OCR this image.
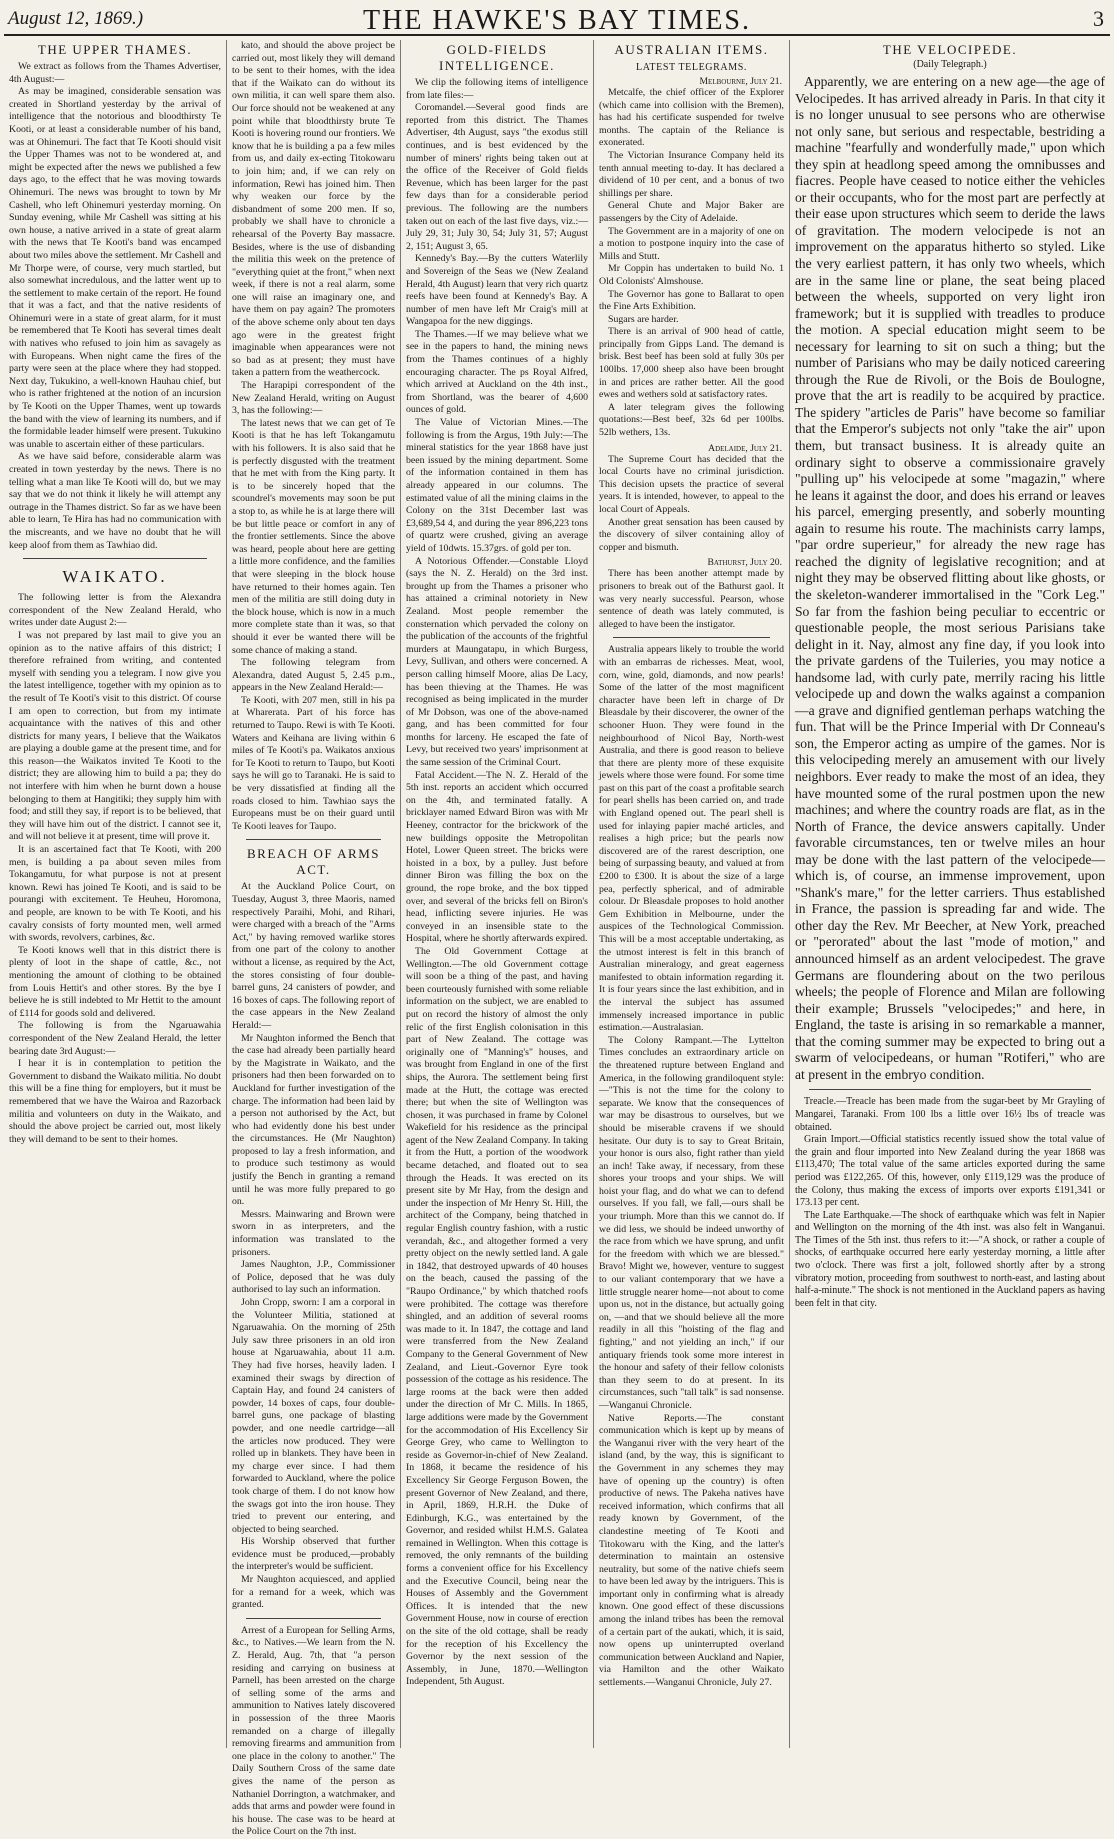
August 12, 1869.)	THE HAWKE'S BAY TIMES.	3
THE UPPER THAMES.

We extract as follows from the Thames Advertiser, 4th August:—

As may be imagined, considerable sensation was created in Shortland yesterday by the arrival of intelligence that the notorious and bloodthirsty Te Kooti, or at least a considerable number of his band, was at Ohinemuri. The fact that Te Kooti should visit the Upper Thames was not to be wondered at, and might be expected after the news we published a few days ago, to the effect that he was moving towards Ohinemuri. The news was brought to town by Mr Cashell, who left Ohinemuri yesterday morning. On Sunday evening, while Mr Cashell was sitting at his own house, a native arrived in a state of great alarm with the news that Te Kooti's band was encamped about two miles above the settlement. Mr Cashell and Mr Thorpe were, of course, very much startled, but also somewhat incredulous, and the latter went up to the settlement to make certain of the report. He found that it was a fact, and that the native residents of Ohinemuri were in a state of great alarm, for it must be remembered that Te Kooti has several times dealt with natives who refused to join him as savagely as with Europeans. When night came the fires of the party were seen at the place where they had stopped. Next day, Tukukino, a well-known Hauhau chief, but who is rather frightened at the notion of an incursion by Te Kooti on the Upper Thames, went up towards the band with the view of learning its numbers, and if the formidable leader himself were present. Tukukino was unable to ascertain either of these particulars.

As we have said before, considerable alarm was created in town yesterday by the news. There is no telling what a man like Te Kooti will do, but we may say that we do not think it likely he will attempt any outrage in the Thames district. So far as we have been able to learn, Te Hira has had no communication with the miscreants, and we have no doubt that he will keep aloof from them as Tawhiao did.

WAIKATO.

The following letter is from the Alexandra correspondent of the New Zealand Herald, who writes under date August 2:—

I was not prepared by last mail to give you an opinion as to the native affairs of this district; I therefore refrained from writing, and contented myself with sending you a telegram. I now give you the latest intelligence, together with my opinion as to the result of Te Kooti's visit to this district. Of course I am open to correction, but from my intimate acquaintance with the natives of this and other districts for many years, I believe that the Waikatos are playing a double game at the present time, and for this reason—the Waikatos invited Te Kooti to the district; they are allowing him to build a pa; they do not interfere with him when he burnt down a house belonging to them at Hangitiki; they supply him with food; and still they say, if report is to be believed, that they will have him out of the district. I cannot see it, and will not believe it at present, time will prove it.

It is an ascertained fact that Te Kooti, with 200 men, is building a pa about seven miles from Tokangamutu, for what purpose is not at present known. Rewi has joined Te Kooti, and is said to be pourangi with excitement. Te Heuheu, Horomona, and people, are known to be with Te Kooti, and his cavalry consists of forty mounted men, well armed with swords, revolvers, carbines, &c.

Te Kooti knows well that in this district there is plenty of loot in the shape of cattle, &c., not mentioning the amount of clothing to be obtained from Louis Hettit's and other stores. By the bye I believe he is still indebted to Mr Hettit to the amount of £114 for goods sold and delivered.

The following is from the Ngaruawahia correspondent of the New Zealand Herald, the letter bearing date 3rd August:—

I hear it is in contemplation to petition the Government to disband the Waikato militia. No doubt this will be a fine thing for employers, but it must be remembered that we have the Wairoa and Razorback militia and volunteers on duty in the Waikato, and should the above project be carried out, most likely they will demand to be sent to their homes.

kato, and should the above project be carried out, most likely they will demand to be sent to their homes, with the idea that if the Waikato can do without its own militia, it can well spare them also. Our force should not be weakened at any point while that bloodthirsty brute Te Kooti is hovering round our frontiers. We know that he is building a pa a few miles from us, and daily ex-ecting Titokowaru to join him; and, if we can rely on information, Rewi has joined him. Then why weaken our force by the disbandment of some 200 men. If so, probably we shall have to chronicle a rehearsal of the Poverty Bay massacre. Besides, where is the use of disbanding the militia this week on the pretence of "everything quiet at the front," when next week, if there is not a real alarm, some one will raise an imaginary one, and have them on pay again? The promoters of the above scheme only about ten days ago were in the greatest fright imaginable when appearances were not so bad as at present; they must have taken a pattern from the weathercock.

The Harapipi correspondent of the New Zealand Herald, writing on August 3, has the following:—

The latest news that we can get of Te Kooti is that he has left Tokangamutu with his followers. It is also said that he is perfectly disgusted with the treatment that he met with from the King party. It is to be sincerely hoped that the scoundrel's movements may soon be put a stop to, as while he is at large there will be but little peace or comfort in any of the frontier settlements. Since the above was heard, people about here are getting a little more confidence, and the families that were sleeping in the block house have returned to their homes again. Ten men of the militia are still doing duty in the block house, which is now in a much more complete state than it was, so that should it ever be wanted there will be some chance of making a stand.

The following telegram from Alexandra, dated August 5, 2.45 p.m., appears in the New Zealand Herald:—

Te Kooti, with 207 men, still in his pa at Wharerata. Part of his force has returned to Taupo. Rewi is with Te Kooti. Waters and Keihana are living within 6 miles of Te Kooti's pa. Waikatos anxious for Te Kooti to return to Taupo, but Kooti says he will go to Taranaki. He is said to be very dissatisfied at finding all the roads closed to him. Tawhiao says the Europeans must be on their guard until Te Kooti leaves for Taupo.

BREACH OF ARMS ACT.

At the Auckland Police Court, on Tuesday, August 3, three Maoris, named respectively Paraihi, Mohi, and Rihari, were charged with a breach of the "Arms Act," by having removed warlike stores from one part of the colony to another without a license, as required by the Act, the stores consisting of four double-barrel guns, 24 canisters of powder, and 16 boxes of caps. The following report of the case appears in the New Zealand Herald:—

Mr Naughton informed the Bench that the case had already been partially heard by the Magistrate in Waikato, and the prisoners had then been forwarded on to Auckland for further investigation of the charge. The information had been laid by a person not authorised by the Act, but who had evidently done his best under the circumstances. He (Mr Naughton) proposed to lay a fresh information, and to produce such testimony as would justify the Bench in granting a remand until he was more fully prepared to go on.

Messrs. Mainwaring and Brown were sworn in as interpreters, and the information was translated to the prisoners.

James Naughton, J.P., Commissioner of Police, deposed that he was duly authorised to lay such an information.

John Cropp, sworn: I am a corporal in the Volunteer Militia, stationed at Ngaruawahia. On the morning of 25th July saw three prisoners in an old iron house at Ngaruawahia, about 11 a.m. They had five horses, heavily laden. I examined their swags by direction of Captain Hay, and found 24 canisters of powder, 14 boxes of caps, four double-barrel guns, one package of blasting powder, and one needle cartridge—all the articles now produced. They were rolled up in blankets. They have been in my charge ever since. I had them forwarded to Auckland, where the police took charge of them. I do not know how the swags got into the iron house. They tried to prevent our entering, and objected to being searched.

His Worship observed that further evidence must be produced,—probably the interpreter's would be sufficient.

Mr Naughton acquiesced, and applied for a remand for a week, which was granted.

Arrest of a European for Selling Arms, &c., to Natives.—We learn from the N. Z. Herald, Aug. 7th, that "a person residing and carrying on business at Parnell, has been arrested on the charge of selling some of the arms and ammunition to Natives lately discovered in possession of the three Maoris remanded on a charge of illegally removing firearms and ammunition from one place in the colony to another." The Daily Southern Cross of the same date gives the name of the person as Nathaniel Dorrington, a watchmaker, and adds that arms and powder were found in his house. The case was to be heard at the Police Court on the 7th inst.

GOLD-FIELDS INTELLIGENCE.

We clip the following items of intelligence from late files:—

Coromandel.—Several good finds are reported from this district. The Thames Advertiser, 4th August, says "the exodus still continues, and is best evidenced by the number of miners' rights being taken out at the office of the Receiver of Gold fields Revenue, which has been larger for the past few days than for a considerable period previous. The following are the numbers taken out on each of the last five days, viz.:—July 29, 31; July 30, 54; July 31, 57; August 2, 151; August 3, 65.

Kennedy's Bay.—By the cutters Waterlily and Sovereign of the Seas we (New Zealand Herald, 4th August) learn that very rich quartz reefs have been found at Kennedy's Bay. A number of men have left Mr Craig's mill at Wangapoa for the new diggings.

The Thames.—If we may believe what we see in the papers to hand, the mining news from the Thames continues of a highly encouraging character. The ps Royal Alfred, which arrived at Auckland on the 4th inst., from Shortland, was the bearer of 4,600 ounces of gold.

The Value of Victorian Mines.—The following is from the Argus, 19th July:—The mineral statistics for the year 1868 have just been issued by the mining department. Some of the information contained in them has already appeared in our columns. The estimated value of all the mining claims in the Colony on the 31st December last was £3,689,54 4, and during the year 896,223 tons of quartz were crushed, giving an average yield of 10dwts. 15.37grs. of gold per ton.

A Notorious Offender.—Constable Lloyd (says the N. Z. Herald) on the 3rd inst. brought up from the Thames a prisoner who has attained a criminal notoriety in New Zealand. Most people remember the consternation which pervaded the colony on the publication of the accounts of the frightful murders at Maungatapu, in which Burgess, Levy, Sullivan, and others were concerned. A person calling himself Moore, alias De Lacy, has been thieving at the Thames. He was recognised as being implicated in the murder of Mr Dobson, was one of the above-named gang, and has been committed for four months for larceny. He escaped the fate of Levy, but received two years' imprisonment at the same session of the Criminal Court.

Fatal Accident.—The N. Z. Herald of the 5th inst. reports an accident which occurred on the 4th, and terminated fatally. A bricklayer named Edward Biron was with Mr Heeney, contractor for the brickwork of the new buildings opposite the Metropolitan Hotel, Lower Queen street. The bricks were hoisted in a box, by a pulley. Just before dinner Biron was filling the box on the ground, the rope broke, and the box tipped over, and several of the bricks fell on Biron's head, inflicting severe injuries. He was conveyed in an insensible state to the Hospital, where he shortly afterwards expired.

The Old Government Cottage at Wellington.—The old Government cottage will soon be a thing of the past, and having been courteously furnished with some reliable information on the subject, we are enabled to put on record the history of almost the only relic of the first English colonisation in this part of New Zealand. The cottage was originally one of "Manning's" houses, and was brought from England in one of the first ships, the Aurora. The settlement being first made at the Hutt, the cottage was erected there; but when the site of Wellington was chosen, it was purchased in frame by Colonel Wakefield for his residence as the principal agent of the New Zealand Company. In taking it from the Hutt, a portion of the woodwork became detached, and floated out to sea through the Heads. It was erected on its present site by Mr Hay, from the design and under the inspection of Mr Henry St. Hill, the architect of the Company, being thatched in regular English country fashion, with a rustic verandah, &c., and altogether formed a very pretty object on the newly settled land. A gale in 1842, that destroyed upwards of 40 houses on the beach, caused the passing of the "Raupo Ordinance," by which thatched roofs were prohibited. The cottage was therefore shingled, and an addition of several rooms was made to it. In 1847, the cottage and land were transferred from the New Zealand Company to the General Government of New Zealand, and Lieut.-Governor Eyre took possession of the cottage as his residence. The large rooms at the back were then added under the direction of Mr C. Mills. In 1865, large additions were made by the Government for the accommodation of His Excellency Sir George Grey, who came to Wellington to reside as Governor-in-chief of New Zealand. In 1868, it became the residence of his Excellency Sir George Ferguson Bowen, the present Governor of New Zealand, and there, in April, 1869, H.R.H. the Duke of Edinburgh, K.G., was entertained by the Governor, and resided whilst H.M.S. Galatea remained in Wellington. When this cottage is removed, the only remnants of the building forms a convenient office for his Excellency and the Executive Council, being near the Houses of Assembly and the Government Offices. It is intended that the new Government House, now in course of erection on the site of the old cottage, shall be ready for the reception of his Excellency the Governor by the next session of the Assembly, in June, 1870.—Wellington Independent, 5th August.

AUSTRALIAN ITEMS.
LATEST TELEGRAMS.
Melbourne, July 21.

Metcalfe, the chief officer of the Explorer (which came into collision with the Bremen), has had his certificate suspended for twelve months. The captain of the Reliance is exonerated.

The Victorian Insurance Company held its tenth annual meeting to-day. It has declared a dividend of 10 per cent, and a bonus of two shillings per share.

General Chute and Major Baker are passengers by the City of Adelaide.

The Government are in a majority of one on a motion to postpone inquiry into the case of Mills and Stutt.

Mr Coppin has undertaken to build No. 1 Old Colonists' Almshouse.

The Governor has gone to Ballarat to open the Fine Arts Exhibition.

Sugars are harder.

There is an arrival of 900 head of cattle, principally from Gipps Land. The demand is brisk. Best beef has been sold at fully 30s per 100lbs. 17,000 sheep also have been brought in and prices are rather better. All the good ewes and wethers sold at satisfactory rates.

A later telegram gives the following quotations:—Best beef, 32s 6d per 100lbs. 52lb wethers, 13s.

Adelaide, July 21.

The Supreme Court has decided that the local Courts have no criminal jurisdiction. This decision upsets the practice of several years. It is intended, however, to appeal to the local Court of Appeals.

Another great sensation has been caused by the discovery of silver containing alloy of copper and bismuth.

Bathurst, July 20.

There has been another attempt made by prisoners to break out of the Bathurst gaol. It was very nearly successful. Pearson, whose sentence of death was lately commuted, is alleged to have been the instigator.

Australia appears likely to trouble the world with an embarras de richesses. Meat, wool, corn, wine, gold, diamonds, and now pearls! Some of the latter of the most magnificent character have been left in charge of Dr Bleasdale by their discoverer, the owner of the schooner Huon. They were found in the neighbourhood of Nicol Bay, North-west Australia, and there is good reason to believe that there are plenty more of these exquisite jewels where those were found. For some time past on this part of the coast a profitable search for pearl shells has been carried on, and trade with England opened out. The pearl shell is used for inlaying papier maché articles, and realises a high price; but the pearls now discovered are of the rarest description, one being of surpassing beauty, and valued at from £200 to £300. It is about the size of a large pea, perfectly spherical, and of admirable colour. Dr Bleasdale proposes to hold another Gem Exhibition in Melbourne, under the auspices of the Technological Commission. This will be a most acceptable undertaking, as the utmost interest is felt in this branch of Australian mineralogy, and great eagerness manifested to obtain information regarding it. It is four years since the last exhibition, and in the interval the subject has assumed immensely increased importance in public estimation.—Australasian.

The Colony Rampant.—The Lyttelton Times concludes an extraordinary article on the threatened rupture between England and America, in the following grandiloquent style:—"This is not the time for the colony to separate. We know that the consequences of war may be disastrous to ourselves, but we should be miserable cravens if we should hesitate. Our duty is to say to Great Britain, your honor is ours also, fight rather than yield an inch! Take away, if necessary, from these shores your troops and your ships. We will hoist your flag, and do what we can to defend ourselves. If you fall, we fall,—ours shall be your triumph. More than this we cannot do. If we did less, we should be indeed unworthy of the race from which we have sprung, and unfit for the freedom with which we are blessed." Bravo! Might we, however, venture to suggest to our valiant contemporary that we have a little struggle nearer home—not about to come upon us, not in the distance, but actually going on, —and that we should believe all the more readily in all this "hoisting of the flag and fighting," and not yielding an inch," if our antiquary friends took some more interest in the honour and safety of their fellow colonists than they seem to do at present. In its circumstances, such "tall talk" is sad nonsense.—Wanganui Chronicle.

Native Reports.—The constant communication which is kept up by means of the Wanganui river with the very heart of the island (and, by the way, this is significant to the Government in any schemes they may have of opening up the country) is often productive of news. The Pakeha natives have received information, which confirms that all ready known by Government, of the clandestine meeting of Te Kooti and Titokowaru with the King, and the latter's determination to maintain an ostensive neutrality, but some of the native chiefs seem to have been led away by the intriguers. This is important only in confirming what is already known. One good effect of these discussions among the inland tribes has been the removal of a certain part of the aukati, which, it is said, now opens up uninterrupted overland communication between Auckland and Napier, via Hamilton and the other Waikato settlements.—Wanganui Chronicle, July 27.

THE VELOCIPEDE.
(Daily Telegraph.)

Apparently, we are entering on a new age—the age of Velocipedes. It has arrived already in Paris. In that city it is no longer unusual to see persons who are otherwise not only sane, but serious and respectable, bestriding a machine "fearfully and wonderfully made," upon which they spin at headlong speed among the omnibusses and fiacres. People have ceased to notice either the vehicles or their occupants, who for the most part are perfectly at their ease upon structures which seem to deride the laws of gravitation. The modern velocipede is not an improvement on the apparatus hitherto so styled. Like the very earliest pattern, it has only two wheels, which are in the same line or plane, the seat being placed between the wheels, supported on very light iron framework; but it is supplied with treadles to produce the motion. A special education might seem to be necessary for learning to sit on such a thing; but the number of Parisians who may be daily noticed careering through the Rue de Rivoli, or the Bois de Boulogne, prove that the art is readily to be acquired by practice. The spidery "articles de Paris" have become so familiar that the Emperor's subjects not only "take the air" upon them, but transact business. It is already quite an ordinary sight to observe a commissionaire gravely "pulling up" his velocipede at some "magazin," where he leans it against the door, and does his errand or leaves his parcel, emerging presently, and soberly mounting again to resume his route. The machinists carry lamps, "par ordre superieur," for already the new rage has reached the dignity of legislative recognition; and at night they may be observed flitting about like ghosts, or the skeleton-wanderer immortalised in the "Cork Leg." So far from the fashion being peculiar to eccentric or questionable people, the most serious Parisians take delight in it. Nay, almost any fine day, if you look into the private gardens of the Tuileries, you may notice a handsome lad, with curly pate, merrily racing his little velocipede up and down the walks against a companion—a grave and dignified gentleman perhaps watching the fun. That will be the Prince Imperial with Dr Conneau's son, the Emperor acting as umpire of the games. Nor is this velocipeding merely an amusement with our lively neighbors. Ever ready to make the most of an idea, they have mounted some of the rural postmen upon the new machines; and where the country roads are flat, as in the North of France, the device answers capitally. Under favorable circumstances, ten or twelve miles an hour may be done with the last pattern of the velocipede—which is, of course, an immense improvement, upon "Shank's mare," for the letter carriers. Thus established in France, the passion is spreading far and wide. The other day the Rev. Mr Beecher, at New York, preached or "perorated" about the last "mode of motion," and announced himself as an ardent velocipedest. The grave Germans are floundering about on the two perilous wheels; the people of Florence and Milan are following their example; Brussels "velocipedes;" and here, in England, the taste is arising in so remarkable a manner, that the coming summer may be expected to bring out a swarm of velocipedeans, or human "Rotiferi," who are at present in the embryo condition.

Treacle.—Treacle has been made from the sugar-beet by Mr Grayling of Mangarei, Taranaki. From 100 lbs a little over 16½ lbs of treacle was obtained.

Grain Import.—Official statistics recently issued show the total value of the grain and flour imported into New Zealand during the year 1868 was £113,470; The total value of the same articles exported during the same period was £122,265. Of this, however, only £119,129 was the produce of the Colony, thus making the excess of imports over exports £191,341 or 173.13 per cent.

The Late Earthquake.—The shock of earthquake which was felt in Napier and Wellington on the morning of the 4th inst. was also felt in Wanganui. The Times of the 5th inst. thus refers to it:—"A shock, or rather a couple of shocks, of earthquake occurred here early yesterday morning, a little after two o'clock. There was first a jolt, followed shortly after by a strong vibratory motion, proceeding from southwest to north-east, and lasting about half-a-minute." The shock is not mentioned in the Auckland papers as having been felt in that city.
